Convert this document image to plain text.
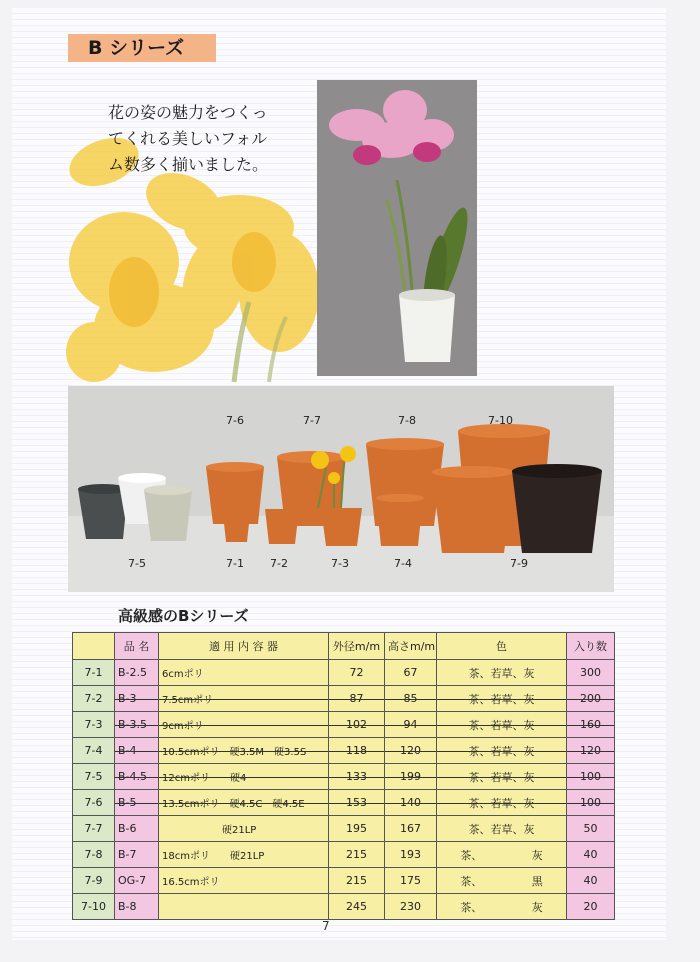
B シリーズ

花の姿の魅力をつくっ
てくれる美しいフォル
ム数多く揃いました。

7-6	7-7	7-8	7-10
7-5	7-1 7-2	7-3	7-4	7-9
高級感のBシリーズ
	品 名	適 用 内 容 器	外径m/m	高さm/m	色	入り数
7-1	B-2.5	6cmポリ	72	67	茶、若草、灰	300
7-2	B-3	7.5cmポリ	87	85	茶、若草、灰	200
7-3	B-3.5	9cmポリ	102	94	茶、若草、灰	160
7-4	B-4	10.5cmポリ　硬3.5M　硬3.5S	118	120	茶、若草、灰	120
7-5	B-4.5	12cmポリ　　硬4	133	199	茶、若草、灰	100
7-6	B-5	13.5cmポリ　硬4.5C　硬4.5E	153	140	茶、若草、灰	100
7-7	B-6	　　　　　　硬21LP	195	167	茶、若草、灰	50
7-8	B-7	18cmポリ　　硬21LP	215	193	茶、　　　　　灰	40
7-9	OG-7	16.5cmポリ	215	175	茶、　　　　　黒	40
7-10	B-8		245	230	茶、　　　　　灰	20
7
